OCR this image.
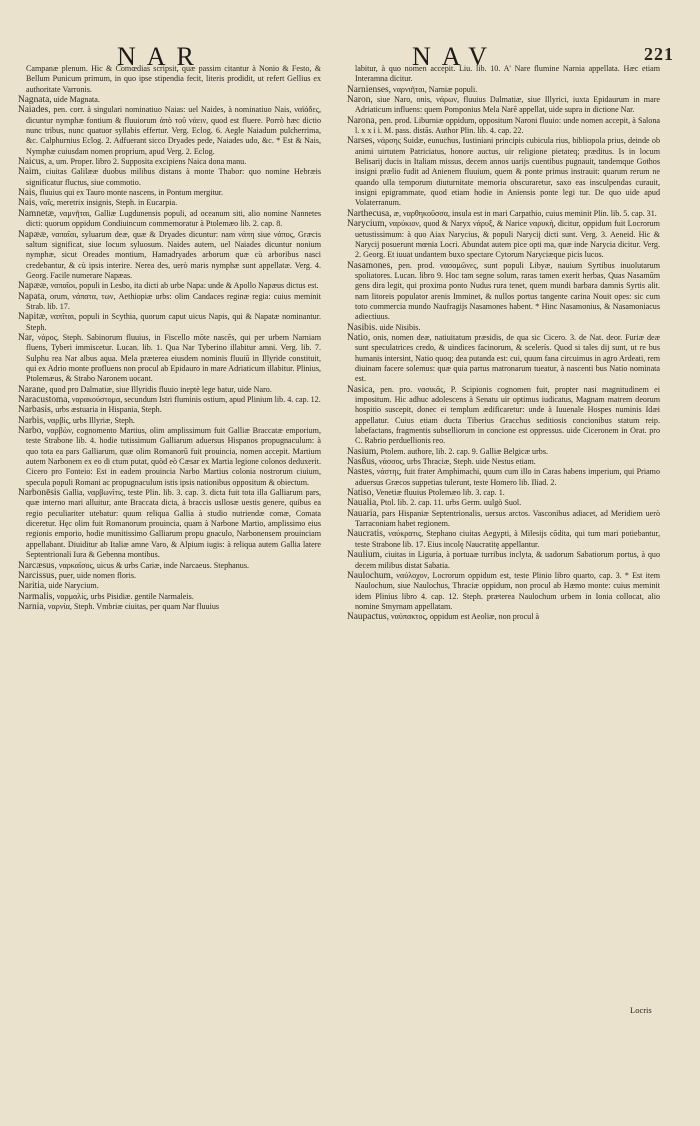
NAR	NAV	221

Campanæ plenum. Hic & Comœdias scripsit, quæ passim citantur à Nonio & Festo, & Bellum Punicum primum, in quo ipse stipendia fecit, literis prodidit, ut refert Gellius ex authoritate Varronis.

Nagnata, uide Magnata.

Naiades, pen. corr. à singulari nominatiuo Naias: uel Naides, à nominatiuo Nais, ναϊάδες, dicuntur nymphæ fontium & fluuiorum ἀπὸ τοῦ νάειν, quod est fluere. Porrò hæc dictio nunc tribus, nunc quatuor syllabis effertur. Verg. Eclog. 6. Aegle Naiadum pulcherrima, &c. Calphurnius Eclog. 2. Adfuerant sicco Dryades pede, Naiades udo, &c. * Est & Nais, Nymphæ cuiusdam nomen proprium, apud Verg. 2. Eclog.

Naicus, a, um. Proper. libro 2. Supposita excipiens Naica dona manu.

Naim, ciuitas Galilææ duobus milibus distans à monte Thabor: quo nomine Hebræis significatur fluctus, siue commotio.

Nais, fluuius qui ex Tauro monte nascens, in Pontum mergitur.

Nais, ναΐς, meretrix insignis, Steph. in Eucarpia.

Namnetæ, ναμνῆται, Galliæ Lugdunensis populi, ad oceanum siti, alio nomine Nannetes dicti: quorum oppidum Condiuincum commemoratur à Ptolemæo lib. 2. cap. 8.

Napææ, ναπαῖαι, syluarum deæ, quæ & Dryades dicuntur: nam νάπη siue νάπος, Græcis saltum significat, siue locum syluosum. Naides autem, uel Naiades dicuntur nonium nymphæ, sicut Oreades montium, Hamadryades arborum quæ cù arboribus nasci credebantur, & cù ipsis interire. Nerea des, uerò maris nymphæ sunt appellatæ. Verg. 4. Georg. Facile numerare Napæas.

Napææ, ναπαῖοι, populi in Lesbo, ita dicti ab urbe Napa: unde & Apollo Napæus dictus est.

Napata, orum, νάπατα, των, Aethiopiæ urbs: olim Candaces reginæ regia: cuius meminit Strab. lib. 17.

Napitæ, ναπῖται, populi in Scythia, quorum caput uicus Napis, qui & Napatæ nominantur. Steph.

Nar, νάρος, Steph. Sabinorum fluuius, in Fiscello mōte nascēs, qui per urbem Narniam fluens, Tyberi immiscetur. Lucan. lib. 1. Qua Nar Tyberino illabitur amni. Verg. lib. 7. Sulphu rea Nar albus aqua. Mela præterea eiusdem nominis fluuiū in Illyride constituit, qui ex Adrio monte profluens non procul ab Epidauro in mare Adriaticum illabitur. Plinius, Ptolemæus, & Strabo Naronem uocant.

Narane, quod pro Dalmatiæ, siue Illyridis fluuio ineptè lege batur, uide Naro.

Naracustoma, ναρακούστομα, secundum Istri fluminis ostium, apud Plinium lib. 4. cap. 12.

Narbasis, urbs æstuaria in Hispania, Steph.

Narbis, ναρβίς, urbs Illyriæ, Steph.

Narbo, ναρβὼν, cognomento Martius, olim amplissimum fuit Galliæ Braccatæ emporium, teste Strabone lib. 4. hodie tutissimum Galliarum aduersus Hispanos propugnaculum: à quo tota ea pars Galliarum, quæ olim Romanorū fuit prouincia, nomen accepit. Martium autem Narbonem ex eo di ctum putat, quòd eò Cæsar ex Martia legione colonos deduxerit. Cicero pro Fonteio: Est in eadem prouincia Narbo Martius colonia nostrorum ciuium, specula populi Romani ac propugnaculum istis ipsis nationibus oppositum & obiectum.

Narbonēsis Gallia, ναρβωνῖτις, teste Plin. lib. 3. cap. 3. dicta fuit tota illa Galliarum pars, quæ interno mari alluitur, ante Braccata dicta, à braccis usllosæ uestis genere, quibus ea regio peculiariter utebatur: quum reliqua Gallia à studio nutriendæ comæ, Comata diceretur. Hęc olim fuit Romanorum prouincia, quam à Narbone Martio, amplissimo eius regionis emporio, hodie munitissimo Galliarum propu gnaculo, Narbonensem prouinciam appellabant. Diuiditur ab Italiæ amne Varo, & Alpium iugis: à reliqua autem Gallia latere Septentrionali Iura & Gebenna montibus.

Narcæsus, ναρκαῖσος, uicus & urbs Cariæ, inde Narcaeus. Stephanus.

Narcissus, puer, uide nomen floris.

Naritia, uide Narycium.

Narmalis, ναρμαλίς, urbs Pisidiæ. gentile Narmaleis.

Narnia, ναρνία, Steph. Vmbriæ ciuitas, per quam Nar fluuius

labitur, à quo nomen accepit. Liu. lib. 10. A' Nare flumine Narnia appellata. Hæc etiam Interamna dicitur.

Narnienses, ναρνιῆται, Narniæ populi.

Naron, siue Naro, onis, νάρων, fluuius Dalmatiæ, siue Illyrici, iuxta Epidaurum in mare Adriaticum influens: quem Pomponius Mela Narē appellat, uide supra in dictione Nar.

Narona, pen. prod. Liburniæ oppidum, oppositum Naroni fluuio: unde nomen accepit, à Salona l. x x i i. M. pass. distās. Author Plin. lib. 4. cap. 22.

Narses, νάρσης Suidæ, eunuchus, Iustiniani principis cubicula rius, bibliopola prius, deinde ob animi uirtutem Patriciatus, honore auctus, uir religione pietateq; præditus. Is in locum Belisarij ducis in Italiam missus, decem annos uarijs cuentibus pugnauit, tandemque Gothos insigni prælio fudit ad Anienem fluuium, quem & ponte primus instrauit: quarum rerum ne quando ulla temporum diuturnitate memoria obscuraretur, saxo eas insculpendas curauit, insigni epigrammate, quod etiam hodie in Aniensis ponte legi tur. De quo uide apud Volaterranum.

Narthecusa, æ, ναρθηκοῦσσα, insula est in mari Carpathio, cuius meminit Plin. lib. 5. cap. 31.

Narycium, ναρύκιον, quod & Naryx νάρυξ, & Narice ναρυκή, dicitur, oppidum fuit Locrorum uetustissimum: à quo Aiax Narycius, & populi Narycij dicti sunt. Verg. 3. Aeneid. Hic & Narycij posuerunt mœnia Locri. Abundat autem pice opti ma, quæ inde Narycia dicitur. Verg. 2. Georg. Et iuuat undantem buxo spectare Cytorum Naryciæque picis lucos.

Nasamones, pen. prod. νασαμῶνες, sunt populi Libyæ, nauium Syrtibus inuolutarum spoliatores. Lucan. libro 9. Hoc tam segne solum, raras tamen exerit herbas, Quas Nasamūm gens dira legit, qui proxima ponto Nudus rura tenet, quem mundi barbara damnis Syrtis alit. nam litoreis populator arenis Imminet, & nullos portus tangente carina Nouit opes: sic cum toto commercia mundo Naufragijs Nasamones habent. * Hinc Nasamonius, & Nasamoniacus adiectiuus.

Nasibis. uide Nisibis.

Natio, onis, nomen deæ, natiuitatum præsidis, de qua sic Cicero. 3. de Nat. deor. Furiæ deæ sunt speculatrices credo, & uindices facinorum, & scelerís. Quod si tales dij sunt, ut re bus humanis intersint, Natio quoq; dea putanda est: cui, quum fana circuimus in agro Ardeati, rem diuinam facere solemus: quæ quia partus matronarum tueatur, à nascenti bus Natio nominata est.

Nasica, pen. pro. νασικᾶς, P. Scipionis cognomen fuit, propter nasi magnitudinem ei impositum. Hic adhuc adolescens à Senatu uir optimus iudicatus, Magnam matrem deorum hospitio suscepit, donec ei templum ædificaretur: unde à Iuuenale Hospes numinis Idæi appellatur. Cuius etiam ducta Tiberius Gracchus seditiosis concionibus statum reip. labefactans, fragmentis subselliorum in concione est oppressus. uide Ciceronem in Orat. pro C. Rabrio perduellionis reo.

Nasium, Ptolem. authore, lib. 2. cap. 9. Galliæ Belgicæ urbs.

Nasßus, νάσσος, urbs Thraciæ, Steph. uide Nestus etiam.

Nastes, νάστης, fuit frater Amphimachi, quum cum illo in Caras habens imperium, qui Priamo aduersus Græcos suppetias tulerunt, teste Homero lib. Iliad. 2.

Natiso, Venetiæ fluuius Ptolemæo lib. 3. cap. 1.

Naualia, Ptol. lib. 2. cap. 11. urbs Germ. uulgò Suol.

Nauaria, pars Hispaniæ Septentrionalis, uersus arctos. Vasconibus adiacet, ad Meridiem uerò Tarraconiam habet regionem.

Naucratis, ναύκρατις, Stephano ciuitas Aegypti, à Milesijs cōdita, qui tum mari potiebantur, teste Strabone lib. 17. Eius incolę Naucratitę appellantur.

Naulium, ciuitas in Liguria, à portuaæ turribus inclyta, & uadorum Sabatiorum portus, à quo decem milibus distat Sabatia.

Naulochum, ναύλοχον, Locrorum oppidum est, teste Plinio libro quarto, cap. 3. * Est item Naulochum, siue Naulochus, Thraciæ oppidum, non procul ab Hæmo monte: cuius meminit idem Plinius libro 4. cap. 12. Steph. præterea Naulochum urbem in Ionia collocat, alio nomine Smyrnam appellatam.

Naupactus, ναύπακτος, oppidum est Aeoliæ, non procul à

Locris
